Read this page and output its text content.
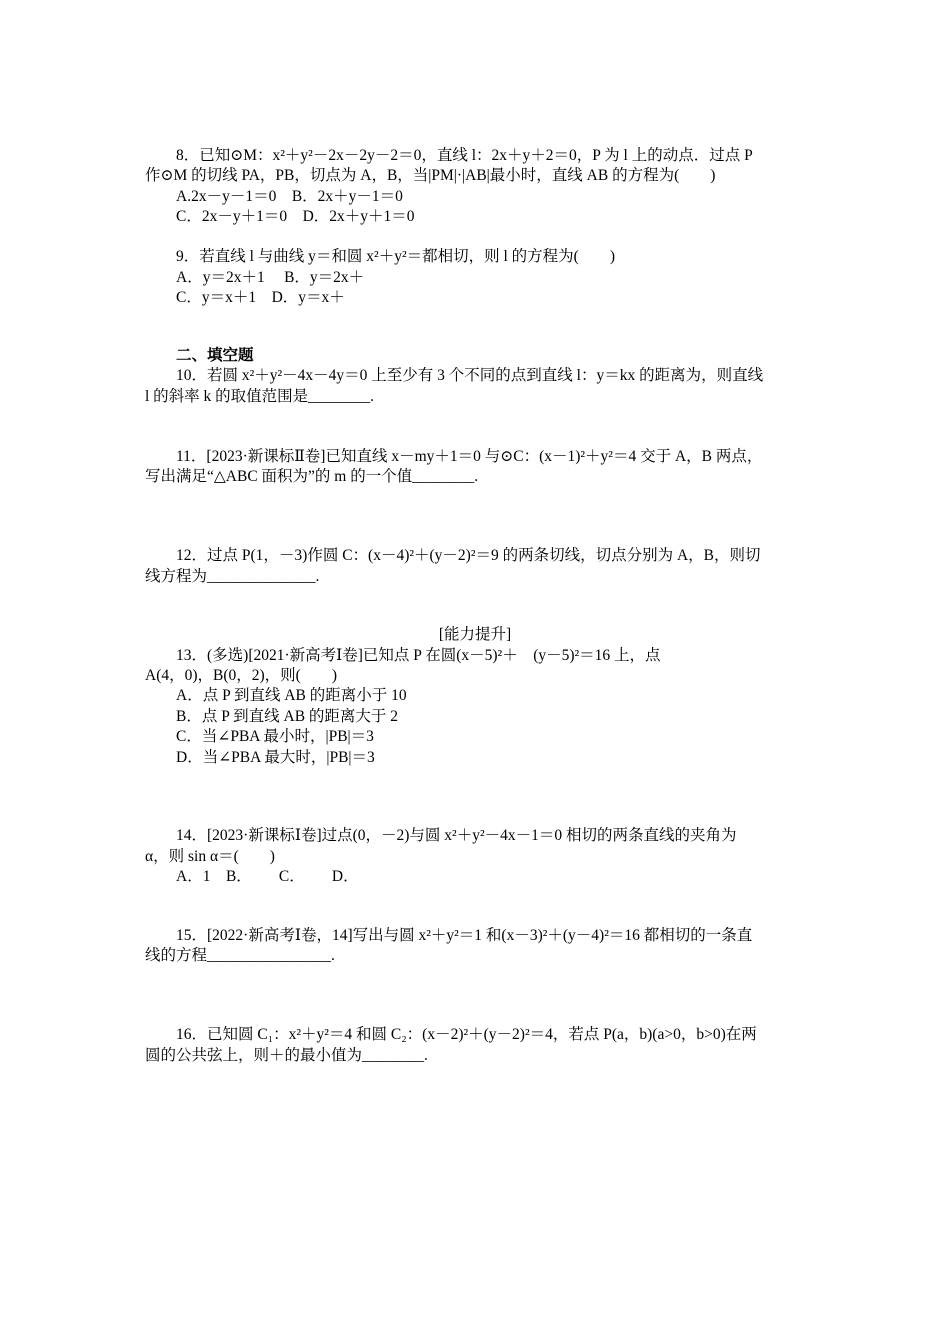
8．已知⊙M：x²＋y²－2x－2y－2＝0，直线 l：2x＋y＋2＝0，P 为 l 上的动点．过点 P
作⊙M 的切线 PA，PB，切点为 A，B，当|PM|·|AB|最小时，直线 AB 的方程为(　　)
A.2x－y－1＝0　B．2x＋y－1＝0
C．2x－y＋1＝0　D．2x＋y＋1＝0
9．若直线 l 与曲线 y＝和圆 x²＋y²＝都相切，则 l 的方程为(　　)
A．y＝2x＋1　 B．y＝2x＋
C．y＝x＋1　D．y＝x＋
二、填空题
10．若圆 x²＋y²－4x－4y＝0 上至少有 3 个不同的点到直线 l：y＝kx 的距离为，则直线
l 的斜率 k 的取值范围是________.
11．[2023·新课标Ⅱ卷]已知直线 x－my＋1＝0 与⊙C：(x－1)²＋y²＝4 交于 A，B 两点，
写出满足“△ABC 面积为”的 m 的一个值________.
12．过点 P(1，－3)作圆 C：(x－4)²＋(y－2)²＝9 的两条切线，切点分别为 A，B，则切
线方程为______________.
[能力提升]
13．(多选)[2021·新高考Ⅰ卷]已知点 P 在圆(x－5)²＋　(y－5)²＝16 上，点
A(4，0)，B(0，2)，则(　　)
A．点 P 到直线 AB 的距离小于 10
B．点 P 到直线 AB 的距离大于 2
C．当∠PBA 最小时，|PB|＝3
D．当∠PBA 最大时，|PB|＝3
14．[2023·新课标Ⅰ卷]过点(0，－2)与圆 x²＋y²－4x－1＝0 相切的两条直线的夹角为
α，则 sin α＝(　　)
A．1　B．　　 C．　　 D．
15．[2022·新高考Ⅰ卷，14]写出与圆 x²＋y²＝1 和(x－3)²＋(y－4)²＝16 都相切的一条直
线的方程________________.
16．已知圆 C₁：x²＋y²＝4 和圆 C₂：(x－2)²＋(y－2)²＝4，若点 P(a，b)(a>0，b>0)在两
圆的公共弦上，则＋的最小值为________.
